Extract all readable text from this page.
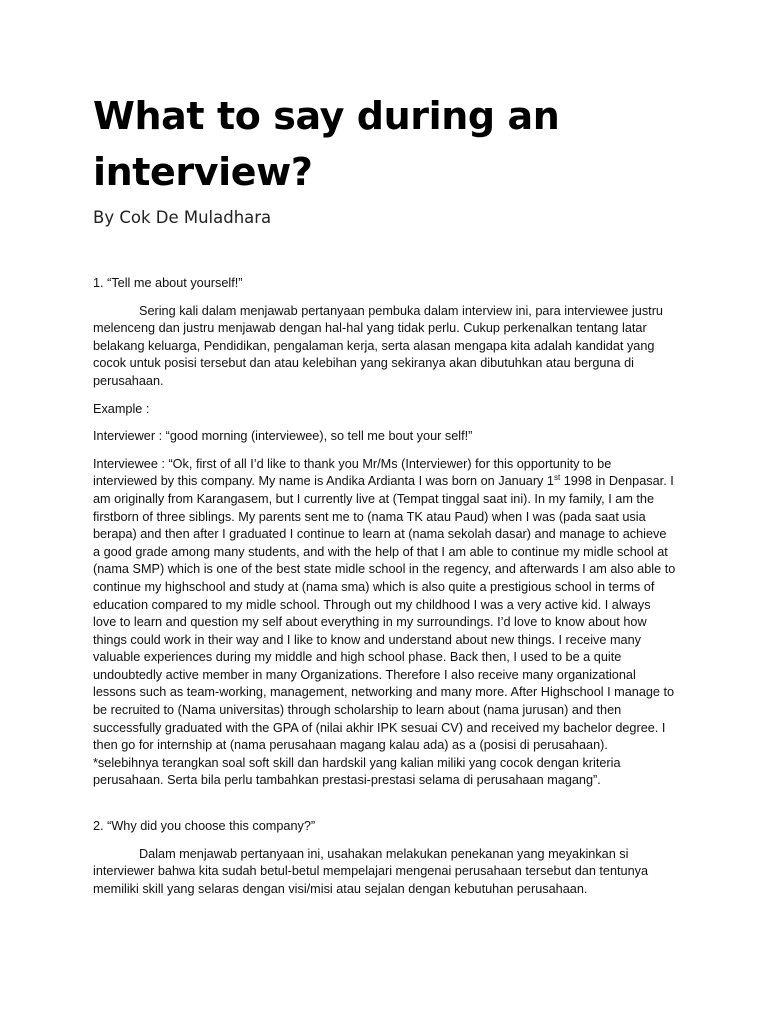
What to say during an interview?

By Cok De Muladhara

1. “Tell me about yourself!”

Sering kali dalam menjawab pertanyaan pembuka dalam interview ini, para interviewee justru melenceng dan justru menjawab dengan hal-hal yang tidak perlu. Cukup perkenalkan tentang latar belakang keluarga, Pendidikan, pengalaman kerja, serta alasan mengapa kita adalah kandidat yang cocok untuk posisi tersebut dan atau kelebihan yang sekiranya akan dibutuhkan atau berguna di perusahaan.

Example :

Interviewer : “good morning (interviewee), so tell me bout your self!”

Interviewee : “Ok, first of all I’d like to thank you Mr/Ms (Interviewer) for this opportunity to be interviewed by this company. My name is Andika Ardianta I was born on January 1st 1998 in Denpasar. I am originally from Karangasem, but I currently live at (Tempat tinggal saat ini). In my family, I am the firstborn of three siblings. My parents sent me to (nama TK atau Paud) when I was (pada saat usia berapa) and then after I graduated I continue to learn at (nama sekolah dasar) and manage to achieve a good grade among many students, and with the help of that I am able to continue my midle school at (nama SMP) which is one of the best state midle school in the regency, and afterwards I am also able to continue my highschool and study at (nama sma) which is also quite a prestigious school in terms of education compared to my midle school. Through out my childhood I was a very active kid. I always love to learn and question my self about everything in my surroundings. I’d love to know about how things could work in their way and I like to know and understand about new things. I receive many valuable experiences during my middle and high school phase. Back then, I used to be a quite undoubtedly active member in many Organizations. Therefore I also receive many organizational lessons such as team-working, management, networking and many more. After Highschool I manage to be recruited to (Nama universitas) through scholarship to learn about (nama jurusan) and then successfully graduated with the GPA of (nilai akhir IPK sesuai CV) and received my bachelor degree. I then go for internship at (nama perusahaan magang kalau ada) as a (posisi di perusahaan). *selebihnya terangkan soal soft skill dan hardskil yang kalian miliki yang cocok dengan kriteria perusahaan. Serta bila perlu tambahkan prestasi-prestasi selama di perusahaan magang”.

2. “Why did you choose this company?”

Dalam menjawab pertanyaan ini, usahakan melakukan penekanan yang meyakinkan si interviewer bahwa kita sudah betul-betul mempelajari mengenai perusahaan tersebut dan tentunya memiliki skill yang selaras dengan visi/misi atau sejalan dengan kebutuhan perusahaan.
